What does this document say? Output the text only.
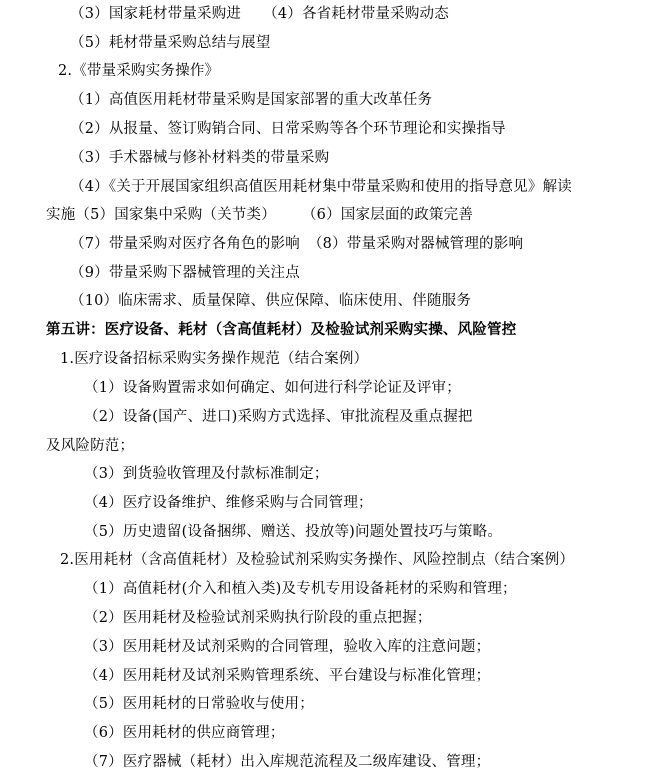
（3）国家耗材带量采购进 （4）各省耗材带量采购动态
（5）耗材带量采购总结与展望
2.《带量采购实务操作》
（1）高值医用耗材带量采购是国家部署的重大改革任务
（2）从报量、签订购销合同、日常采购等各个环节理论和实操指导
（3）手术器械与修补材料类的带量采购
（4）《关于开展国家组织高值医用耗材集中带量采购和使用的指导意见》解读
实施（5）国家集中采购（关节类） （6）国家层面的政策完善
（7）带量采购对医疗各角色的影响 （8）带量采购对器械管理的影响
（9）带量采购下器械管理的关注点
（10）临床需求、质量保障、供应保障、临床使用、伴随服务
第五讲：医疗设备、耗材（含高值耗材）及检验试剂采购实操、风险管控
1.医疗设备招标采购实务操作规范（结合案例）
（1）设备购置需求如何确定、如何进行科学论证及评审；
（2）设备(国产、进口)采购方式选择、审批流程及重点握把
及风险防范；
（3）到货验收管理及付款标准制定；
（4）医疗设备维护、维修采购与合同管理；
（5）历史遗留(设备捆绑、赠送、投放等)问题处置技巧与策略。
2.医用耗材（含高值耗材）及检验试剂采购实务操作、风险控制点（结合案例）
（1）高值耗材(介入和植入类)及专机专用设备耗材的采购和管理；
（2）医用耗材及检验试剂采购执行阶段的重点把握；
（3）医用耗材及试剂采购的合同管理，验收入库的注意问题；
（4）医用耗材及试剂采购管理系统、平台建设与标准化管理；
（5）医用耗材的日常验收与使用；
（6）医用耗材的供应商管理；
（7）医疗器械（耗材）出入库规范流程及二级库建设、管理；
